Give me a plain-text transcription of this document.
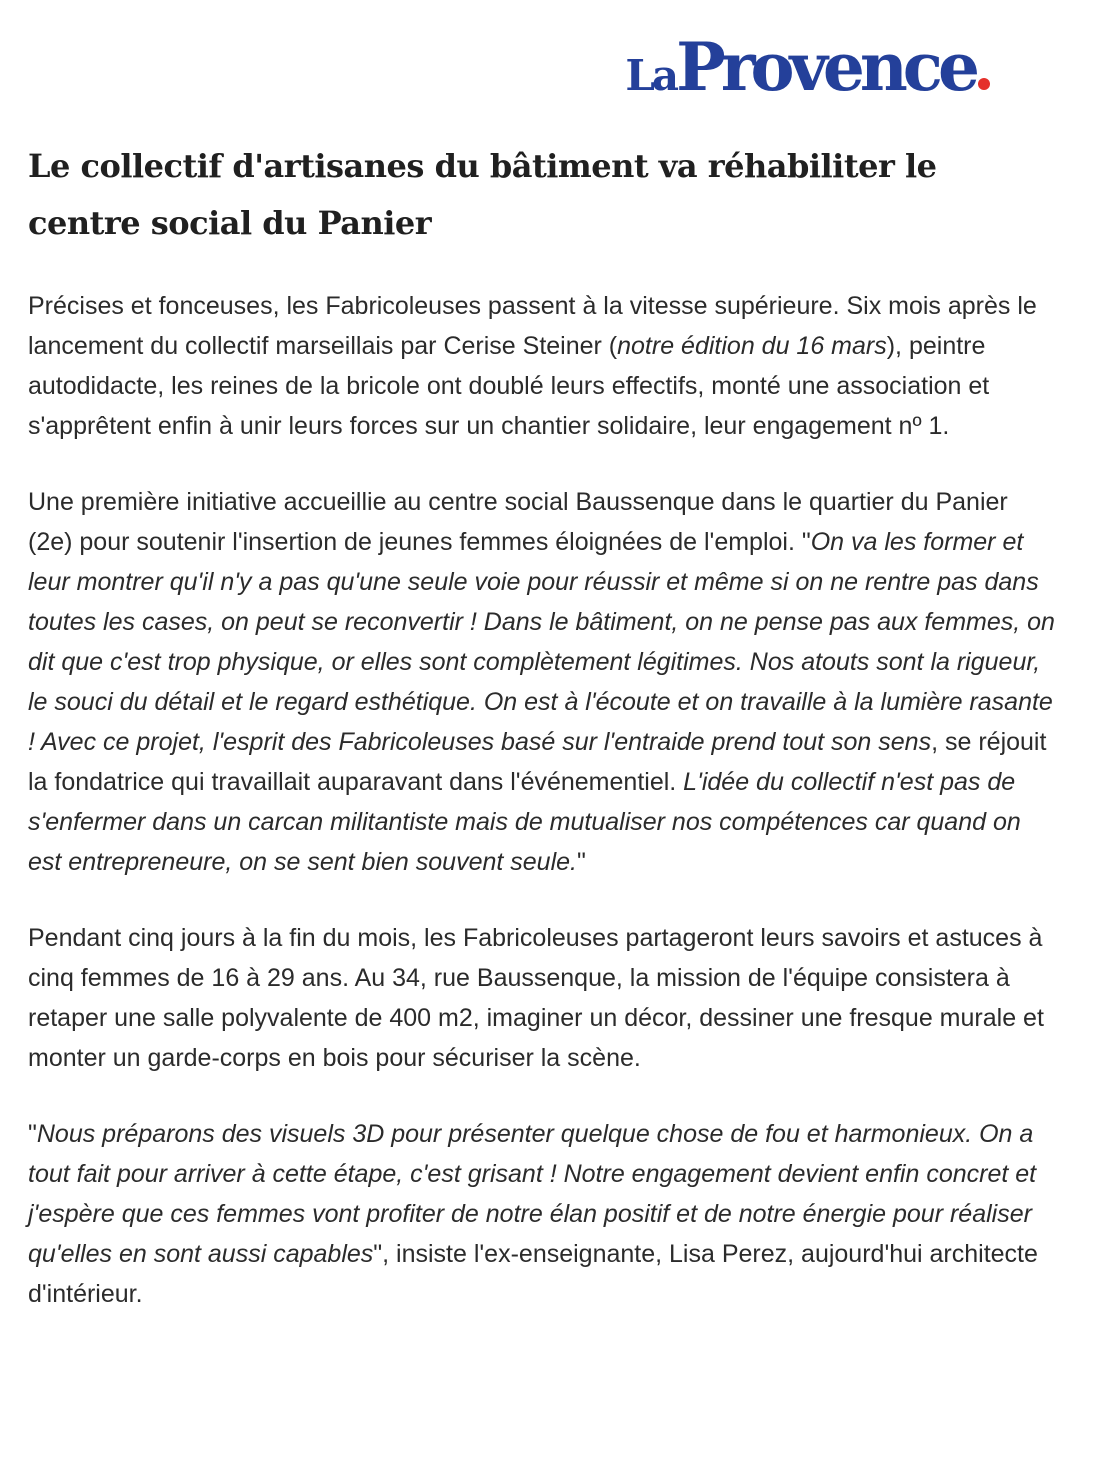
LaProvence
Le collectif d'artisanes du bâtiment va réhabiliter le centre social du Panier

Précises et fonceuses, les Fabricoleuses passent à la vitesse supérieure. Six mois après le lancement du collectif marseillais par Cerise Steiner (notre édition du 16 mars), peintre autodidacte, les reines de la bricole ont doublé leurs effectifs, monté une association et s'apprêtent enfin à unir leurs forces sur un chantier solidaire, leur engagement nº 1.

Une première initiative accueillie au centre social Baussenque dans le quartier du Panier (2e) pour soutenir l'insertion de jeunes femmes éloignées de l'emploi. "On va les former et leur montrer qu'il n'y a pas qu'une seule voie pour réussir et même si on ne rentre pas dans toutes les cases, on peut se reconvertir ! Dans le bâtiment, on ne pense pas aux femmes, on dit que c'est trop physique, or elles sont complètement légitimes. Nos atouts sont la rigueur, le souci du détail et le regard esthétique. On est à l'écoute et on travaille à la lumière rasante ! Avec ce projet, l'esprit des Fabricoleuses basé sur l'entraide prend tout son sens, se réjouit la fondatrice qui travaillait auparavant dans l'événementiel. L'idée du collectif n'est pas de s'enfermer dans un carcan militantiste mais de mutualiser nos compétences car quand on est entrepreneure, on se sent bien souvent seule."

Pendant cinq jours à la fin du mois, les Fabricoleuses partageront leurs savoirs et astuces à cinq femmes de 16 à 29 ans. Au 34, rue Baussenque, la mission de l'équipe consistera à retaper une salle polyvalente de 400 m2, imaginer un décor, dessiner une fresque murale et monter un garde-corps en bois pour sécuriser la scène.

"Nous préparons des visuels 3D pour présenter quelque chose de fou et harmonieux. On a tout fait pour arriver à cette étape, c'est grisant ! Notre engagement devient enfin concret et j'espère que ces femmes vont profiter de notre élan positif et de notre énergie pour réaliser qu'elles en sont aussi capables", insiste l'ex-enseignante, Lisa Perez, aujourd'hui architecte d'intérieur.
